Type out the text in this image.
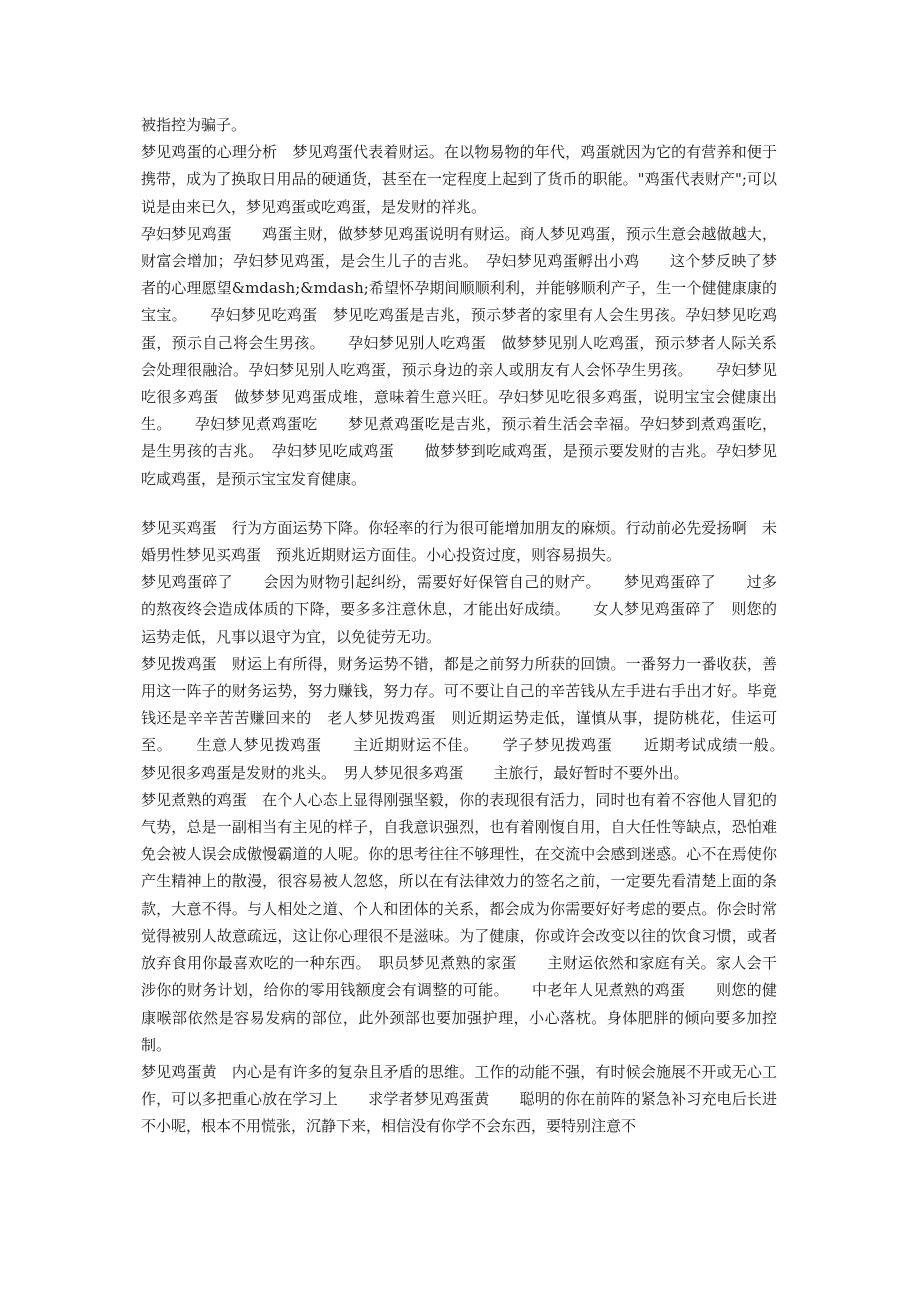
被指控为骗子。

梦见鸡蛋的心理分析　梦见鸡蛋代表着财运。在以物易物的年代，鸡蛋就因为它的有营养和便于携带，成为了换取日用品的硬通货，甚至在一定程度上起到了货币的职能。"鸡蛋代表财产";可以说是由来已久，梦见鸡蛋或吃鸡蛋，是发财的祥兆。

孕妇梦见鸡蛋　　鸡蛋主财，做梦梦见鸡蛋说明有财运。商人梦见鸡蛋，预示生意会越做越大，财富会增加；孕妇梦见鸡蛋，是会生儿子的吉兆。　孕妇梦见鸡蛋孵出小鸡　　这个梦反映了梦者的心理愿望&mdash;&mdash;希望怀孕期间顺顺利利，并能够顺利产子，生一个健健康康的宝宝。　　孕妇梦见吃鸡蛋　梦见吃鸡蛋是吉兆，预示梦者的家里有人会生男孩。孕妇梦见吃鸡蛋，预示自己将会生男孩。　　孕妇梦见别人吃鸡蛋　做梦梦见别人吃鸡蛋，预示梦者人际关系会处理很融洽。孕妇梦见别人吃鸡蛋，预示身边的亲人或朋友有人会怀孕生男孩。　　孕妇梦见吃很多鸡蛋　做梦梦见鸡蛋成堆，意味着生意兴旺。孕妇梦见吃很多鸡蛋，说明宝宝会健康出生。　　孕妇梦见煮鸡蛋吃　　梦见煮鸡蛋吃是吉兆，预示着生活会幸福。孕妇梦到煮鸡蛋吃，是生男孩的吉兆。　孕妇梦见吃咸鸡蛋　　做梦梦到吃咸鸡蛋，是预示要发财的吉兆。孕妇梦见吃咸鸡蛋，是预示宝宝发育健康。

梦见买鸡蛋　行为方面运势下降。你轻率的行为很可能增加朋友的麻烦。行动前必先爱扬啊　未婚男性梦见买鸡蛋　预兆近期财运方面佳。小心投资过度，则容易损失。

梦见鸡蛋碎了　　会因为财物引起纠纷，需要好好保管自己的财产。　　梦见鸡蛋碎了　　过多的熬夜终会造成体质的下降，要多多注意休息，才能出好成绩。　　女人梦见鸡蛋碎了　则您的运势走低，凡事以退守为宜，以免徒劳无功。

梦见拨鸡蛋　财运上有所得，财务运势不错，都是之前努力所获的回馈。一番努力一番收获，善用这一阵子的财务运势，努力赚钱，努力存。可不要让自己的辛苦钱从左手进右手出才好。毕竟钱还是辛辛苦苦赚回来的　老人梦见拨鸡蛋　则近期运势走低，谨慎从事，提防桃花，佳运可至。　　生意人梦见拨鸡蛋　　主近期财运不佳。　　学子梦见拨鸡蛋　　近期考试成绩一般。　梦见很多鸡蛋是发财的兆头。　男人梦见很多鸡蛋　　主旅行，最好暂时不要外出。

梦见煮熟的鸡蛋　在个人心态上显得刚强坚毅，你的表现很有活力，同时也有着不容他人冒犯的气势，总是一副相当有主见的样子，自我意识强烈，也有着刚愎自用，自大任性等缺点，恐怕难免会被人误会成傲慢霸道的人呢。你的思考往往不够理性，在交流中会感到迷惑。心不在焉使你产生精神上的散漫，很容易被人忽悠，所以在有法律效力的签名之前，一定要先看清楚上面的条款，大意不得。与人相处之道、个人和团体的关系，都会成为你需要好好考虑的要点。你会时常觉得被别人故意疏远，这让你心理很不是滋味。为了健康，你或许会改变以往的饮食习惯，或者放弃食用你最喜欢吃的一种东西。　职员梦见煮熟的家蛋　　主财运依然和家庭有关。家人会干涉你的财务计划，给你的零用钱额度会有调整的可能。　　中老年人见煮熟的鸡蛋　　则您的健康喉部依然是容易发病的部位，此外颈部也要加强护理，小心落枕。身体肥胖的倾向要多加控制。

梦见鸡蛋黄　内心是有许多的复杂且矛盾的思维。工作的动能不强，有时候会施展不开或无心工作，可以多把重心放在学习上　　求学者梦见鸡蛋黄　　聪明的你在前阵的紧急补习充电后长进不小呢，根本不用慌张，沉静下来，相信没有你学不会东西，要特别注意不
